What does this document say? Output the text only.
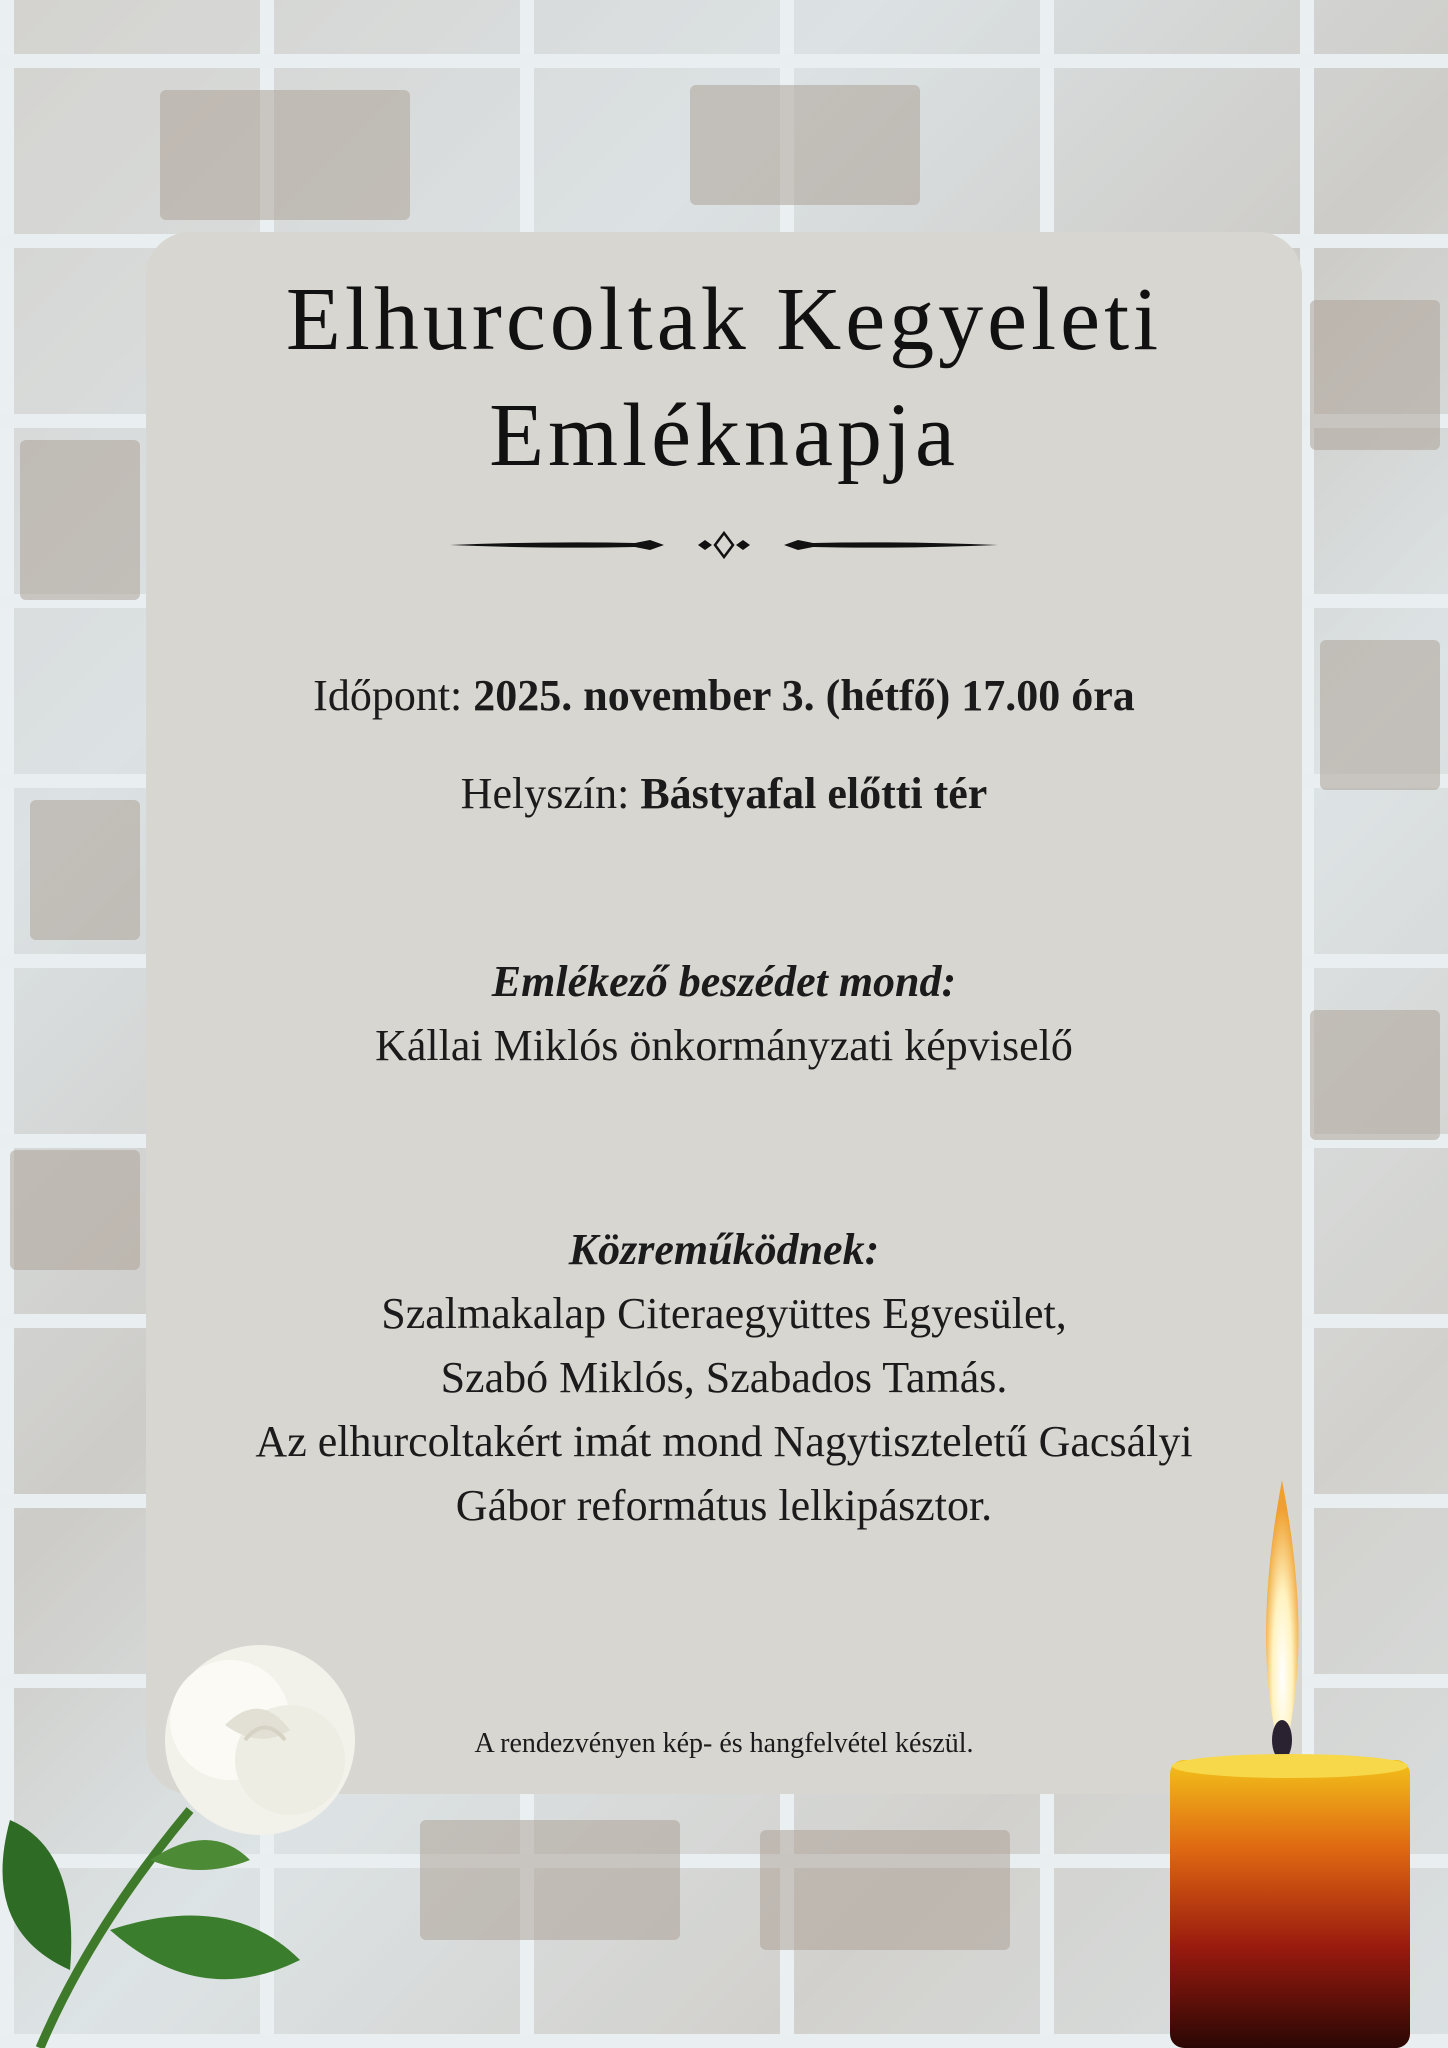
Elhurcoltak Kegyeleti
Emléknapja
Időpont: 2025. november 3. (hétfő) 17.00 óra
Helyszín: Bástyafal előtti tér
Emlékező beszédet mond:
Kállai Miklós önkormányzati képviselő
Közreműködnek:
Szalmakalap Citeraegyüttes Egyesület,
Szabó Miklós, Szabados Tamás.
Az elhurcoltakért imát mond Nagytiszteletű Gacsályi
Gábor református lelkipásztor.
A rendezvényen kép- és hangfelvétel készül.
